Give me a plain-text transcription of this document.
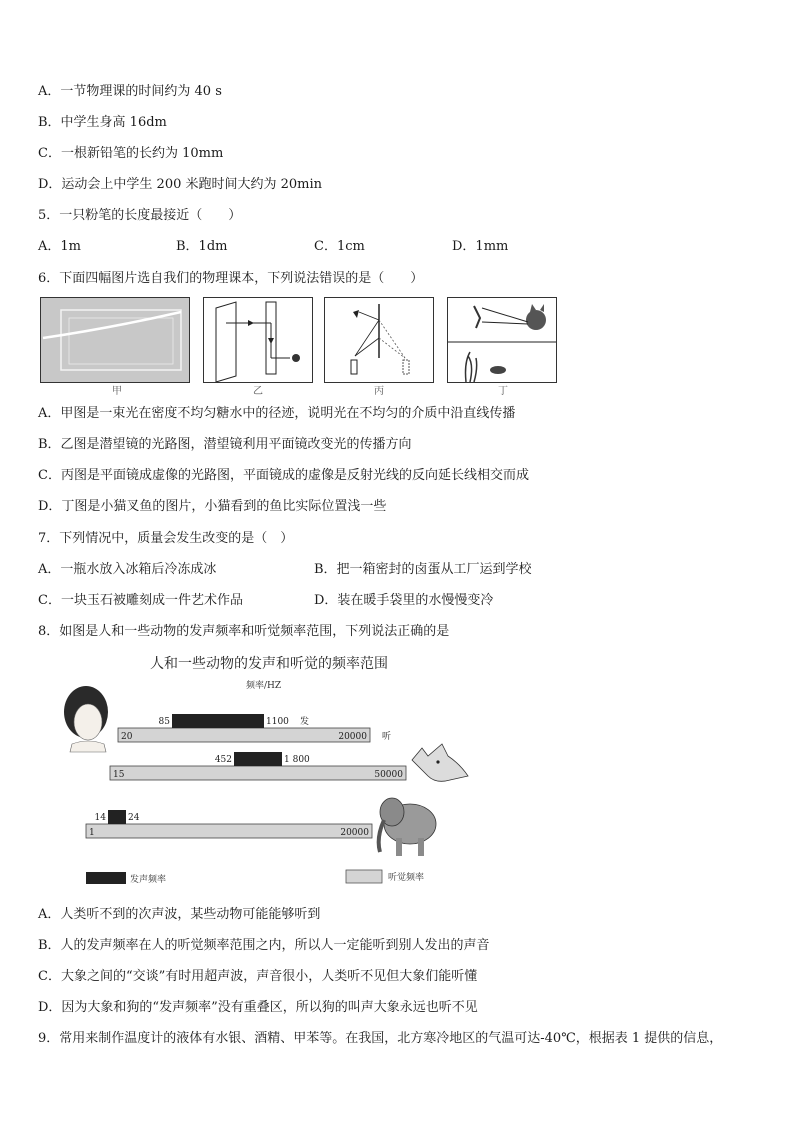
A．一节物理课的时间约为 40 s
B．中学生身高 16dm
C．一根新铅笔的长约为 10mm
D．运动会上中学生 200 米跑时间大约为 20min
5．一只粉笔的长度最接近（　　）
A．1m	B．1dm	C．1cm	D．1mm
6．下面四幅图片选自我们的物理课本，下列说法错误的是（　　）
甲	乙	丙	丁
A．甲图是一束光在密度不均匀糖水中的径迹，说明光在不均匀的介质中沿直线传播
B．乙图是潜望镜的光路图，潜望镜利用平面镜改变光的传播方向
C．丙图是平面镜成虚像的光路图，平面镜成的虚像是反射光线的反向延长线相交而成
D．丁图是小猫叉鱼的图片，小猫看到的鱼比实际位置浅一些
7．下列情况中，质量会发生改变的是（　）
A．一瓶水放入冰箱后冷冻成冰	B．把一箱密封的卤蛋从工厂运到学校
C．一块玉石被雕刻成一件艺术作品	D．装在暖手袋里的水慢慢变冷
8．如图是人和一些动物的发声频率和听觉频率范围，下列说法正确的是
人和一些动物的发声和听觉的频率范围
频率/HZ
20	20000
85	1100 发
听
15	50000
452	1 800
1	20000
14 24
发声频率	听觉频率
A．人类听不到的次声波，某些动物可能能够听到
B．人的发声频率在人的听觉频率范围之内，所以人一定能听到别人发出的声音
C．大象之间的“交谈”有时用超声波，声音很小，人类听不见但大象们能听懂
D．因为大象和狗的“发声频率”没有重叠区，所以狗的叫声大象永远也听不见
9．常用来制作温度计的液体有水银、酒精、甲苯等。在我国，北方寒冷地区的气温可达-40℃，根据表 1 提供的信息，
